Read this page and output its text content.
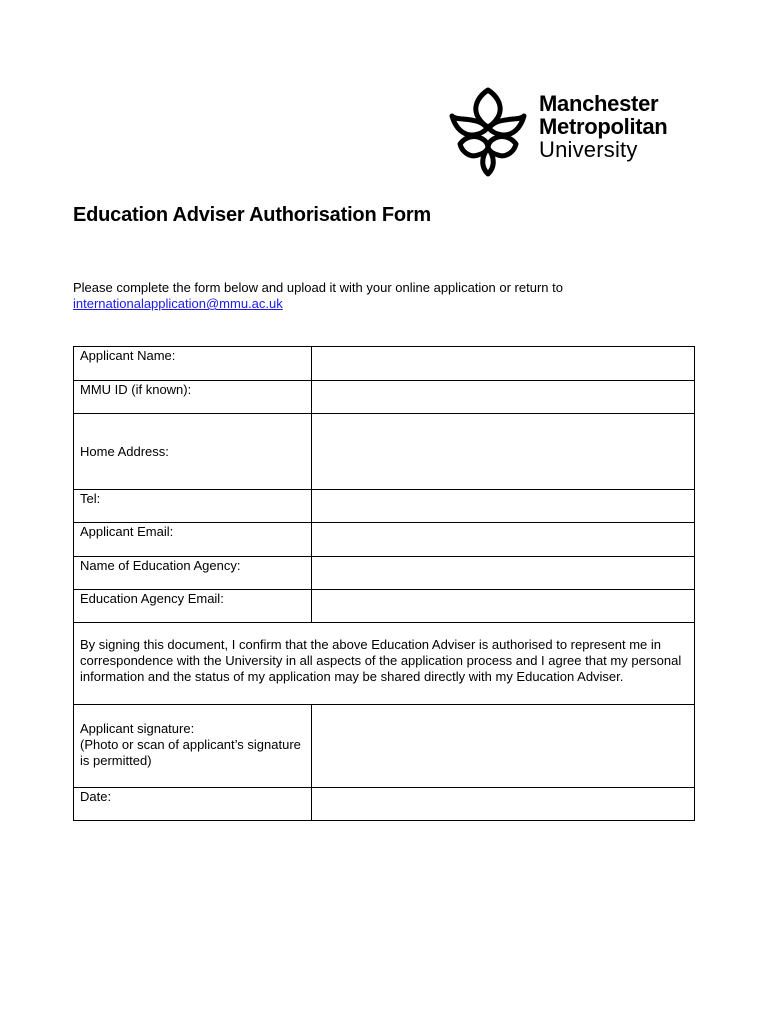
Manchester
Metropolitan
University
Education Adviser Authorisation Form
Please complete the form below and upload it with your online application or return to
internationalapplication@mmu.ac.uk
Applicant Name:	
MMU ID (if known):	
Home Address:	
Tel:	
Applicant Email:	
Name of Education Agency:	
Education Agency Email:	
By signing this document, I confirm that the above Education Adviser is authorised to represent me in correspondence with the University in all aspects of the application process and I agree that my personal information and the status of my application may be shared directly with my Education Adviser.	

Applicant signature:
(Photo or scan of applicant’s signature
is permitted)	

Date:	
